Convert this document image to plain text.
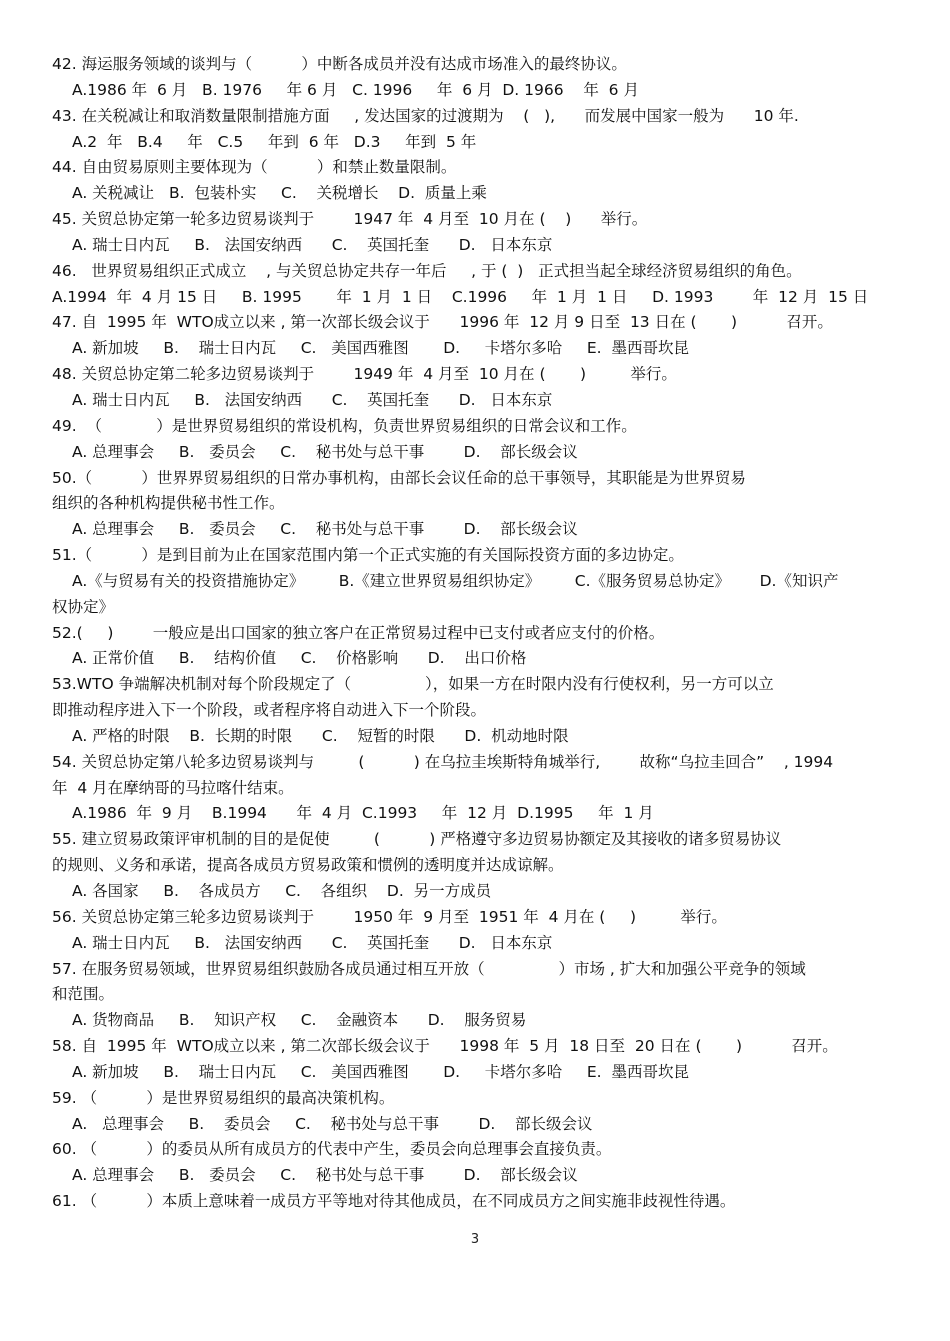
42. 海运服务领域的谈判与（          ）中断各成员并没有达成市场准入的最终协议。
A.1986 年  6 月   B. 1976     年 6 月   C. 1996     年  6 月  D. 1966    年  6 月
43. 在关税减让和取消数量限制措施方面     , 发达国家的过渡期为    (   ),      而发展中国家一般为      10 年.
A.2  年   B.4     年   C.5     年到  6 年   D.3     年到  5 年
44. 自由贸易原则主要体现为（          ）和禁止数量限制。
A. 关税减让   B.  包装朴实     C.    关税增长    D.  质量上乘
45. 关贸总协定第一轮多边贸易谈判于        1947 年  4 月至  10 月在 (    )      举行。
A. 瑞士日内瓦     B.   法国安纳西      C.    英国托奎      D.   日本东京
46.   世界贸易组织正式成立    , 与关贸总协定共存一年后     , 于 (  )   正式担当起全球经济贸易组织的角色。
A.1994  年  4 月 15 日     B. 1995       年  1 月  1 日    C.1996     年  1 月  1 日     D. 1993        年  12 月  15 日
47. 自  1995 年  WTO成立以来 , 第一次部长级会议于      1996 年  12 月 9 日至  13 日在 (       )          召开。
A. 新加坡     B.    瑞士日内瓦     C.   美国西雅图       D.     卡塔尔多哈     E.  墨西哥坎昆
48. 关贸总协定第二轮多边贸易谈判于        1949 年  4 月至  10 月在 (       )         举行。
A. 瑞士日内瓦     B.   法国安纳西      C.    英国托奎      D.   日本东京
49.  （           ）是世界贸易组织的常设机构，负责世界贸易组织的日常会议和工作。
A. 总理事会     B.   委员会     C.    秘书处与总干事        D.    部长级会议
50.（          ）世界界贸易组织的日常办事机构，由部长会议任命的总干事领导，其职能是为世界贸易
组织的各种机构提供秘书性工作。
A. 总理事会     B.   委员会     C.    秘书处与总干事        D.    部长级会议
51.（          ）是到目前为止在国家范围内第一个正式实施的有关国际投资方面的多边协定。
A.《与贸易有关的投资措施协定》       B.《建立世界贸易组织协定》       C.《服务贸易总协定》      D.《知识产
权协定》
52.(     )        一般应是出口国家的独立客户在正常贸易过程中已支付或者应支付的价格。
A. 正常价值     B.    结构价值     C.    价格影响      D.    出口价格
53.WTO 争端解决机制对每个阶段规定了（               ），如果一方在时限内没有行使权利，另一方可以立
即推动程序进入下一个阶段，或者程序将自动进入下一个阶段。
A. 严格的时限    B.  长期的时限      C.    短暂的时限      D.  机动地时限
54. 关贸总协定第八轮多边贸易谈判与         (          ) 在乌拉圭埃斯特角城举行,        故称“乌拉圭回合”    , 1994
年  4 月在摩纳哥的马拉喀什结束。
A.1986  年  9 月    B.1994      年  4 月  C.1993     年  12 月  D.1995     年  1 月
55. 建立贸易政策评审机制的目的是促使         (          ) 严格遵守多边贸易协额定及其接收的诸多贸易协议
的规则、义务和承诺，提高各成员方贸易政策和惯例的透明度并达成谅解。
A. 各国家     B.    各成员方     C.    各组织    D.  另一方成员
56. 关贸总协定第三轮多边贸易谈判于        1950 年  9 月至  1951 年  4 月在 (     )         举行。
A. 瑞士日内瓦     B.   法国安纳西      C.    英国托奎      D.   日本东京
57. 在服务贸易领域，世界贸易组织鼓励各成员通过相互开放（               ）市场 , 扩大和加强公平竞争的领域
和范围。
A. 货物商品     B.    知识产权     C.    金融资本      D.    服务贸易
58. 自  1995 年  WTO成立以来 , 第二次部长级会议于      1998 年  5 月  18 日至  20 日在 (       )          召开。
A. 新加坡     B.    瑞士日内瓦     C.   美国西雅图       D.     卡塔尔多哈     E.  墨西哥坎昆
59. （          ）是世界贸易组织的最高决策机构。
A.   总理事会     B.    委员会     C.    秘书处与总干事        D.    部长级会议
60. （          ）的委员从所有成员方的代表中产生，委员会向总理事会直接负责。
A. 总理事会     B.   委员会     C.    秘书处与总干事        D.    部长级会议
61. （          ）本质上意味着一成员方平等地对待其他成员，在不同成员方之间实施非歧视性待遇。
3
